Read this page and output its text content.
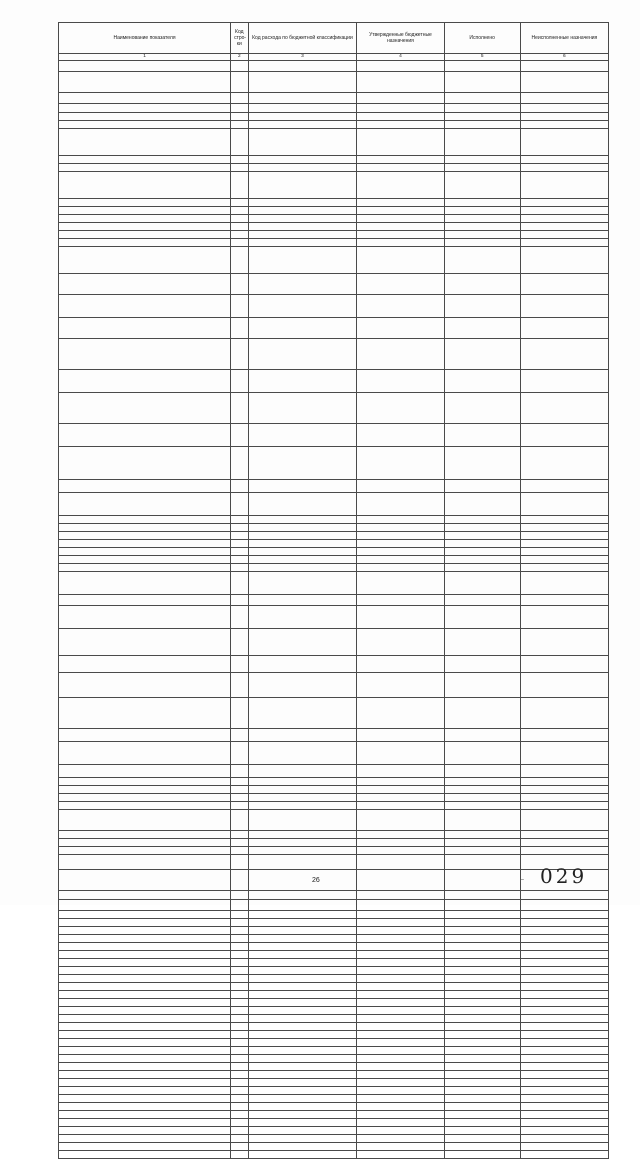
Наименование показателя	Код стро-ки	Код расхода по бюджетной классификации	Утвержденные бюджетные назначения	Исполнено	Неисполненные назначения
1	2	3	4	5	6

26	⌐ 029
